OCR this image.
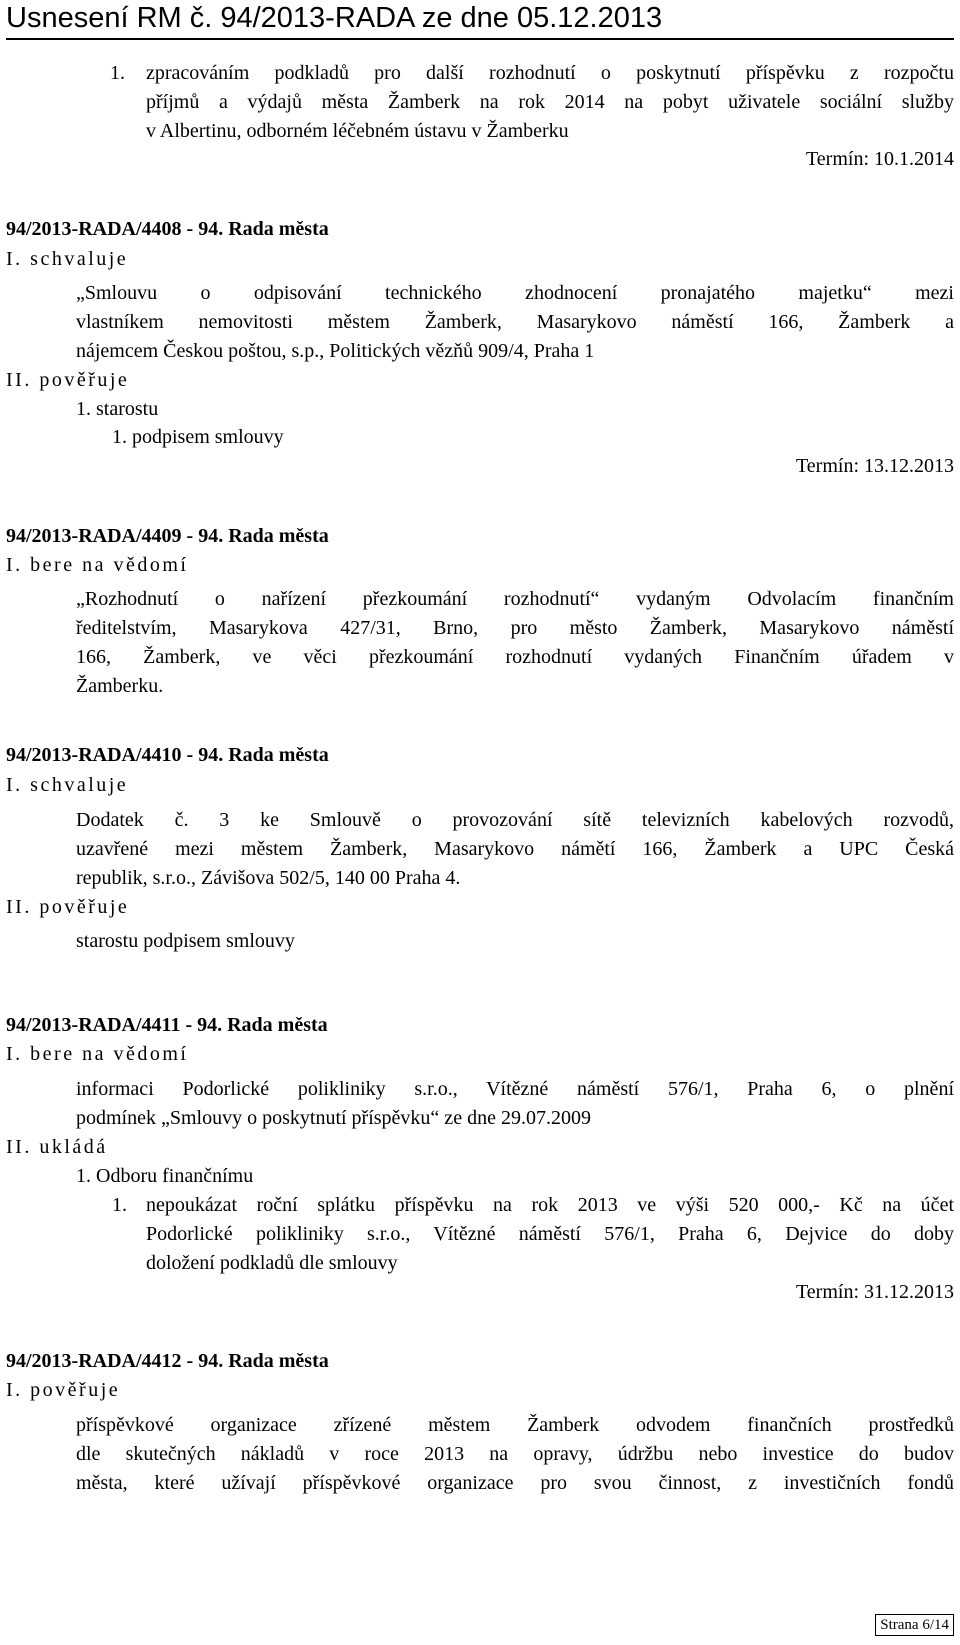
Usnesení RM č. 94/2013-RADA ze dne 05.12.2013
1. zpracováním podkladů pro další rozhodnutí o poskytnutí příspěvku z rozpočtu
příjmů a výdajů města Žamberk na rok 2014 na pobyt uživatele sociální služby
v Albertinu, odborném léčebném ústavu v Žamberku
Termín: 10.1.2014
94/2013-RADA/4408 - 94. Rada města
I. schvaluje
„Smlouvu o odpisování technického zhodnocení pronajatého majetku“ mezi
vlastníkem nemovitosti městem Žamberk, Masarykovo náměstí 166, Žamberk a
nájemcem Českou poštou, s.p., Politických vězňů 909/4, Praha 1
II. pověřuje
1. starostu
1. podpisem smlouvy
Termín: 13.12.2013
94/2013-RADA/4409 - 94. Rada města
I. bere na vědomí
„Rozhodnutí o nařízení přezkoumání rozhodnutí“ vydaným Odvolacím finančním
ředitelstvím, Masarykova 427/31, Brno, pro město Žamberk, Masarykovo náměstí
166, Žamberk, ve věci přezkoumání rozhodnutí vydaných Finančním úřadem v
Žamberku.
94/2013-RADA/4410 - 94. Rada města
I. schvaluje
Dodatek č. 3 ke Smlouvě o provozování sítě televizních kabelových rozvodů,
uzavřené mezi městem Žamberk, Masarykovo námětí 166, Žamberk a UPC Česká
republik, s.r.o., Závišova 502/5, 140 00 Praha 4.
II. pověřuje
starostu podpisem smlouvy
94/2013-RADA/4411 - 94. Rada města
I. bere na vědomí
informaci Podorlické polikliniky s.r.o., Vítězné náměstí 576/1, Praha 6, o plnění
podmínek „Smlouvy o poskytnutí příspěvku“ ze dne 29.07.2009
II. ukládá
1. Odboru finančnímu
1. nepoukázat roční splátku příspěvku na rok 2013 ve výši 520 000,- Kč na účet
Podorlické polikliniky s.r.o., Vítězné náměstí 576/1, Praha 6, Dejvice do doby
doložení podkladů dle smlouvy
Termín: 31.12.2013
94/2013-RADA/4412 - 94. Rada města
I. pověřuje
příspěvkové organizace zřízené městem Žamberk odvodem finančních prostředků
dle skutečných nákladů v roce 2013 na opravy, údržbu nebo investice do budov
města, které užívají příspěvkové organizace pro svou činnost, z investičních fondů
Strana 6/14
